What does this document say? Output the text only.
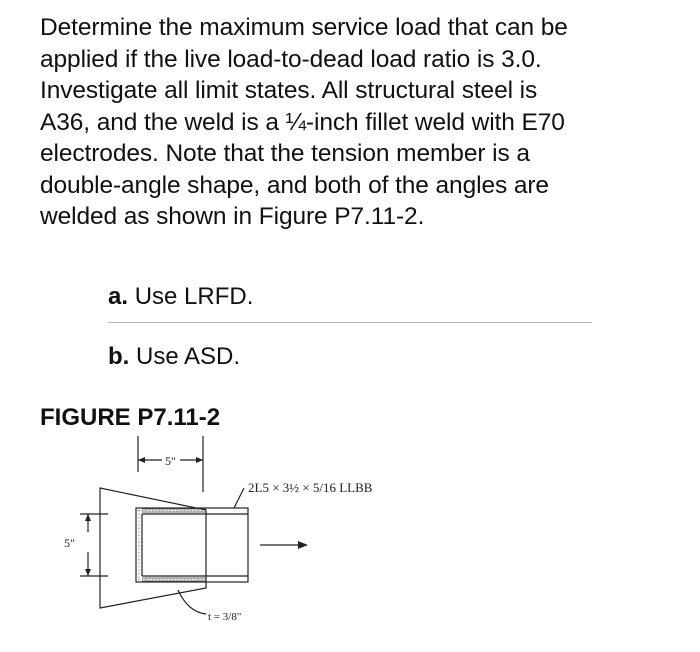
Determine the maximum service load that can be
applied if the live load-to-dead load ratio is 3.0.
Investigate all limit states. All structural steel is
A36, and the weld is a ¼-inch fillet weld with E70
electrodes. Note that the tension member is a
double-angle shape, and both of the angles are
welded as shown in Figure P7.11-2.
a. Use LRFD.
b. Use ASD.
FIGURE P7.11-2
5"
5"
2L5 × 3½ × 5/16 LLBB
t = 3/8"
